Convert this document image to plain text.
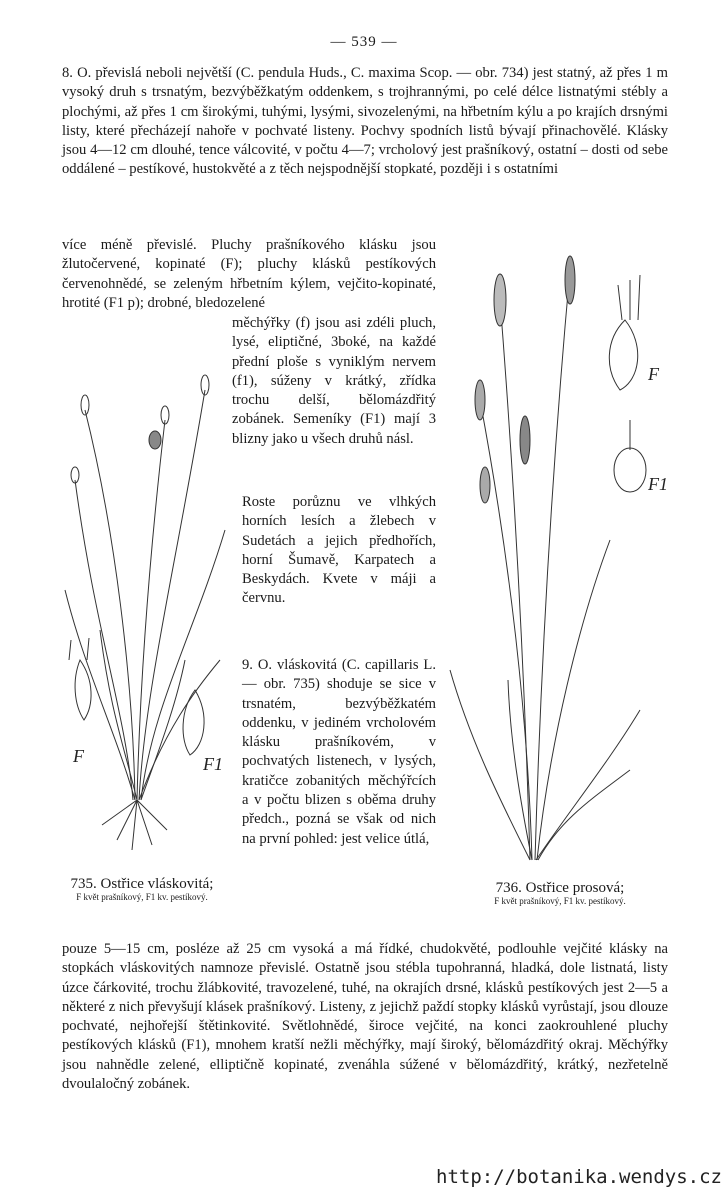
— 539 —

8. O. převislá neboli největší (C. pendula Huds., C. maxima Scop. — obr. 734) jest statný, až přes 1 m vysoký druh s trsnatým, bezvýběžkatým oddenkem, s trojhrannými, po celé délce listnatými stébly a plochými, až přes 1 cm širokými, tuhými, lysými, sivozelenými, na hřbetním kýlu a po krajích drsnými listy, které přecházejí nahoře v pochvaté listeny. Pochvy spodních listů bývají přinachovělé. Klásky jsou 4—12 cm dlouhé, tence válcovité, v počtu 4—7; vrcholový jest prašníkový, ostatní – dosti od sebe oddálené – pestíkové, hustokvěté a z těch nejspodnější stopkaté, později i s ostatními

více méně převislé. Pluchy prašníkového klásku jsou žlutočervené, kopinaté (F); pluchy klásků pestíkových červenohnědé, se zeleným hřbetním kýlem, vejčito-kopinaté, hrotité (F1 p); drobné, bledozelené

měchýřky (f) jsou asi zdéli pluch, lysé, eliptičné, 3boké, na každé přední ploše s vyniklým nervem (f1), súženy v krátký, zřídka trochu delší, bělomázdřitý zobánek. Semeníky (F1) mají 3 blizny jako u všech druhů násl.

Roste porůznu ve vlhkých horních lesích a žlebech v Sudetách a jejich předhořích, horní Šumavě, Karpatech a Beskydách. Kvete v máji a červnu.

9. O. vláskovitá (C. capillaris L. — obr. 735) shoduje se sice v trsnatém, bezvýběžkatém oddenku, v jediném vrcholovém klásku prašníkovém, v pochvatých listenech, v lysých, kratičce zobanitých měchýřcích a v počtu blizen s oběma druhy předch., pozná se však od nich na první pohled: jest velice útlá,

pouze 5—15 cm, posléze až 25 cm vysoká a má řídké, chudokvěté, podlouhle vejčité klásky na stopkách vláskovitých namnoze převislé. Ostatně jsou stébla tupohranná, hladká, dole listnatá, listy úzce čárkovité, trochu žlábkovité, travozelené, tuhé, na okrajích drsné, klásků pestíkových jest 2—5 a některé z nich převyšují klásek prašníkový. Listeny, z jejichž paždí stopky klásků vyrůstají, jsou dlouze pochvaté, nejhořejší štětinkovité. Světlohnědé, široce vejčité, na konci zaokrouhlené pluchy pestíkových klásků (F1), mnohem kratší nežli měchýřky, mají široký, bělomázdřitý okraj. Měchýřky jsou nahnědle zelené, elliptičně kopinaté, zvenáhla súžené v bělomázdřitý, krátký, nezřetelně dvoulaločný zobánek.

F	F1
735. Ostřice vláskovitá;
F květ prašníkový, F1 kv. pestíkový.
F
F1
736. Ostřice prosová;
F květ prašníkový, F1 kv. pestíkový.
http://botanika.wendys.cz
